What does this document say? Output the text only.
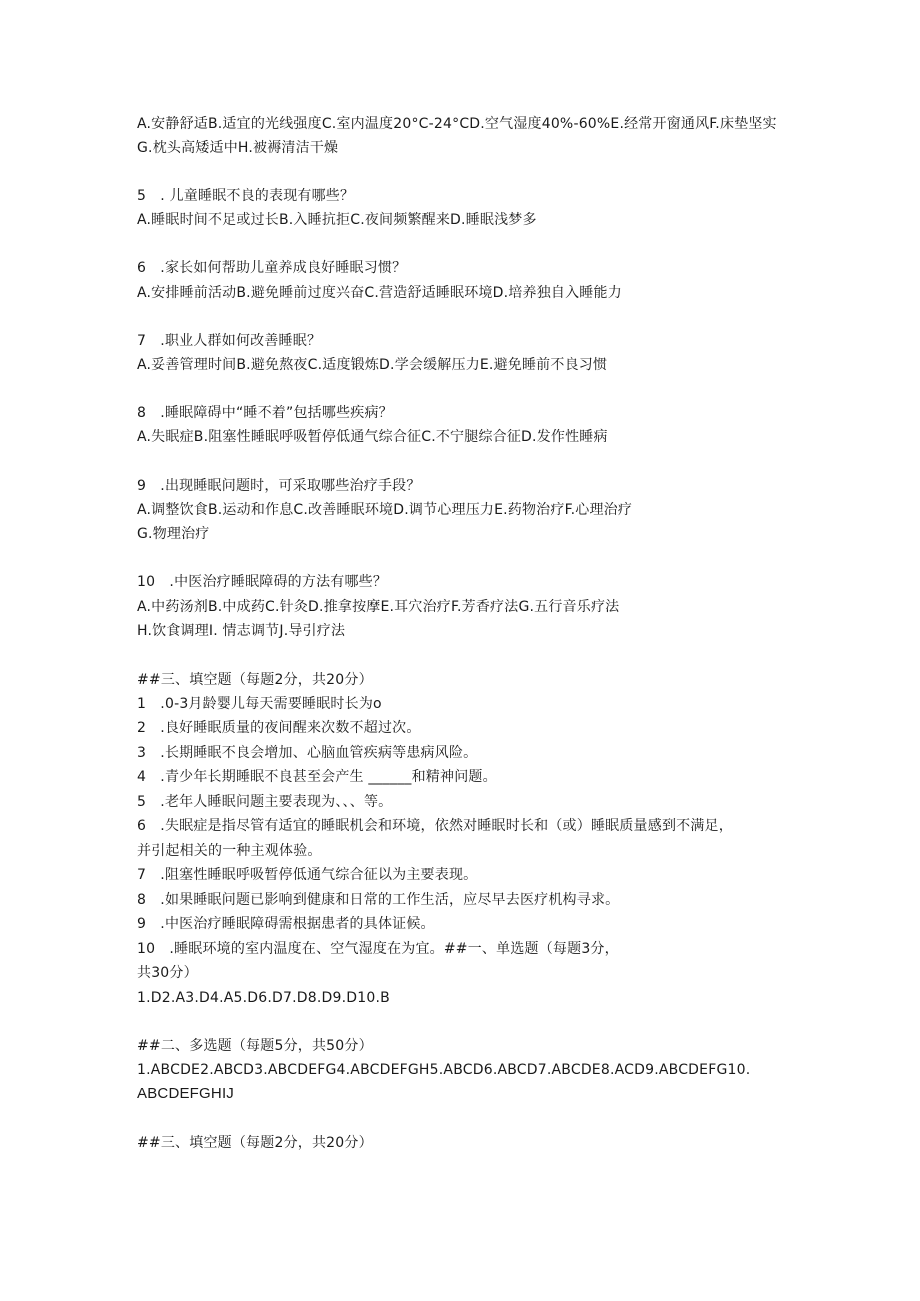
A.安静舒适B.适宜的光线强度C.室内温度20°C-24°CD.空气湿度40%-60%E.经常开窗通风F.床垫坚实
G.枕头高矮适中H.被褥清洁干燥
5　. 儿童睡眠不良的表现有哪些？
A.睡眠时间不足或过长B.入睡抗拒C.夜间频繁醒来D.睡眠浅梦多
6　.家长如何帮助儿童养成良好睡眠习惯？
A.安排睡前活动B.避免睡前过度兴奋C.营造舒适睡眠环境D.培养独自入睡能力
7　.职业人群如何改善睡眠？
A.妥善管理时间B.避免熬夜C.适度锻炼D.学会缓解压力E.避免睡前不良习惯
8　.睡眠障碍中“睡不着”包括哪些疾病？
A.失眠症B.阻塞性睡眠呼吸暂停低通气综合征C.不宁腿综合征D.发作性睡病
9　.出现睡眠问题时，可采取哪些治疗手段？
A.调整饮食B.运动和作息C.改善睡眠环境D.调节心理压力E.药物治疗F.心理治疗
G.物理治疗
10　.中医治疗睡眠障碍的方法有哪些？
A.中药汤剂B.中成药C.针灸D.推拿按摩E.耳穴治疗F.芳香疗法G.五行音乐疗法
H.饮食调理I. 情志调节J.导引疗法
##三、填空题（每题2分，共20分）
1　.0-3月龄婴儿每天需要睡眠时长为o
2　.良好睡眠质量的夜间醒来次数不超过次。
3　.长期睡眠不良会增加、心脑血管疾病等患病风险。
4　.青少年长期睡眠不良甚至会产生 ______和精神问题。
5　.老年人睡眠问题主要表现为、、、等。
6　.失眠症是指尽管有适宜的睡眠机会和环境，依然对睡眠时长和（或）睡眠质量感到不满足，
并引起相关的一种主观体验。
7　.阻塞性睡眠呼吸暂停低通气综合征以为主要表现。
8　.如果睡眠问题已影响到健康和日常的工作生活，应尽早去医疗机构寻求。
9　.中医治疗睡眠障碍需根据患者的具体证候。
10　.睡眠环境的室内温度在、空气湿度在为宜。##一、单选题（每题3分，
共30分）
1.D2.A3.D4.A5.D6.D7.D8.D9.D10.B
##二、多选题（每题5分，共50分）
1.ABCDE2.ABCD3.ABCDEFG4.ABCDEFGH5.ABCD6.ABCD7.ABCDE8.ACD9.ABCDEFG10.
ABCDEFGHIJ
##三、填空题（每题2分，共20分）
